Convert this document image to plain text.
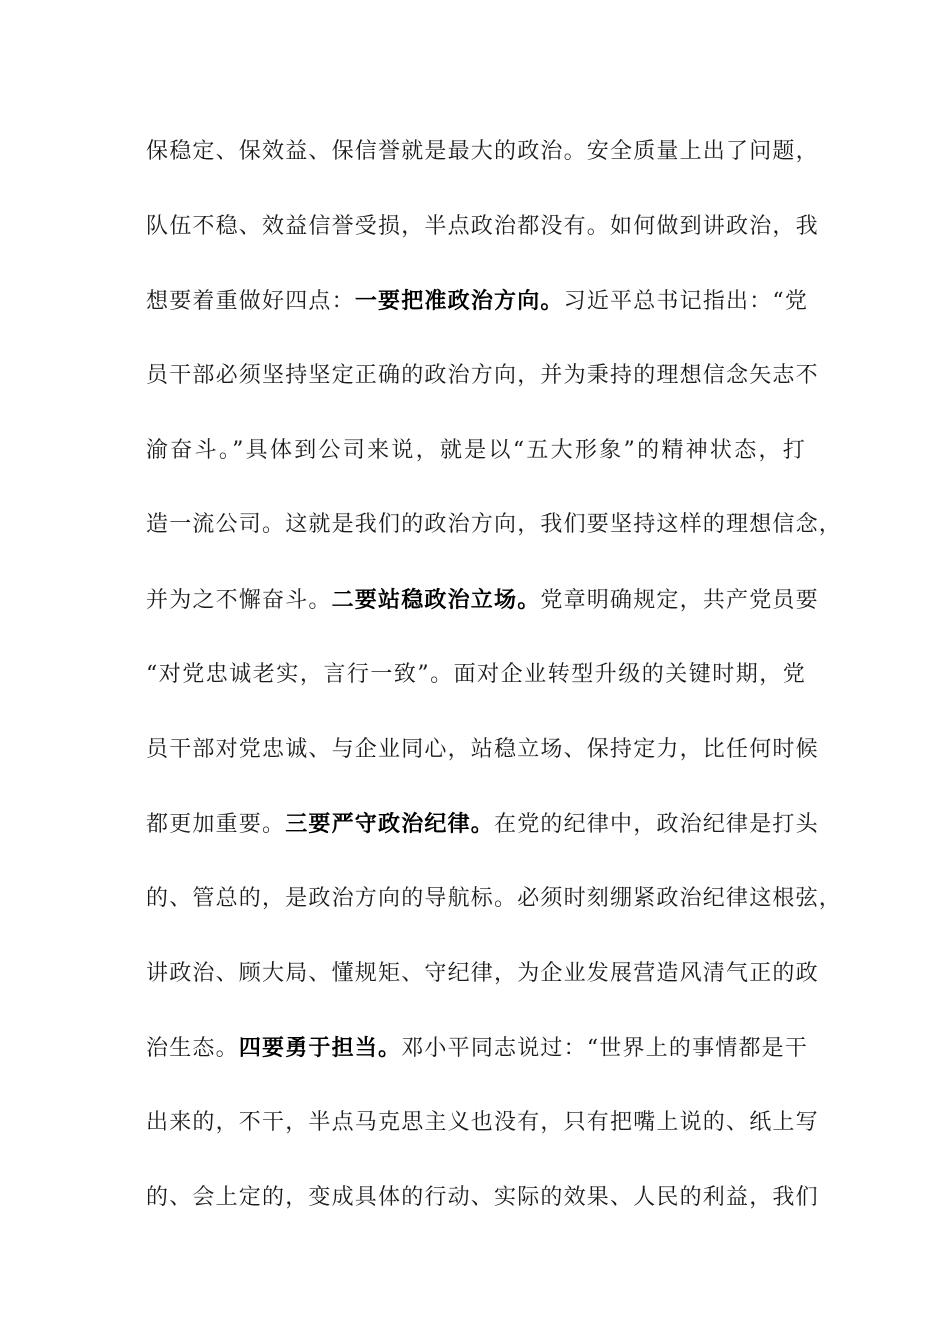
保稳定、保效益、保信誉就是最大的政治。安全质量上出了问题，
队伍不稳、效益信誉受损，半点政治都没有。如何做到讲政治，我
想要着重做好四点：一要把准政治方向。习近平总书记指出：“党
员干部必须坚持坚定正确的政治方向，并为秉持的理想信念矢志不
渝奋斗。”具体到公司来说，就是以“五大形象”的精神状态，打
造一流公司。这就是我们的政治方向，我们要坚持这样的理想信念，
并为之不懈奋斗。二要站稳政治立场。党章明确规定，共产党员要
“对党忠诚老实，言行一致”。面对企业转型升级的关键时期，党
员干部对党忠诚、与企业同心，站稳立场、保持定力，比任何时候
都更加重要。三要严守政治纪律。在党的纪律中，政治纪律是打头
的、管总的，是政治方向的导航标。必须时刻绷紧政治纪律这根弦，
讲政治、顾大局、懂规矩、守纪律，为企业发展营造风清气正的政
治生态。四要勇于担当。邓小平同志说过：“世界上的事情都是干
出来的，不干，半点马克思主义也没有，只有把嘴上说的、纸上写
的、会上定的，变成具体的行动、实际的效果、人民的利益，我们
